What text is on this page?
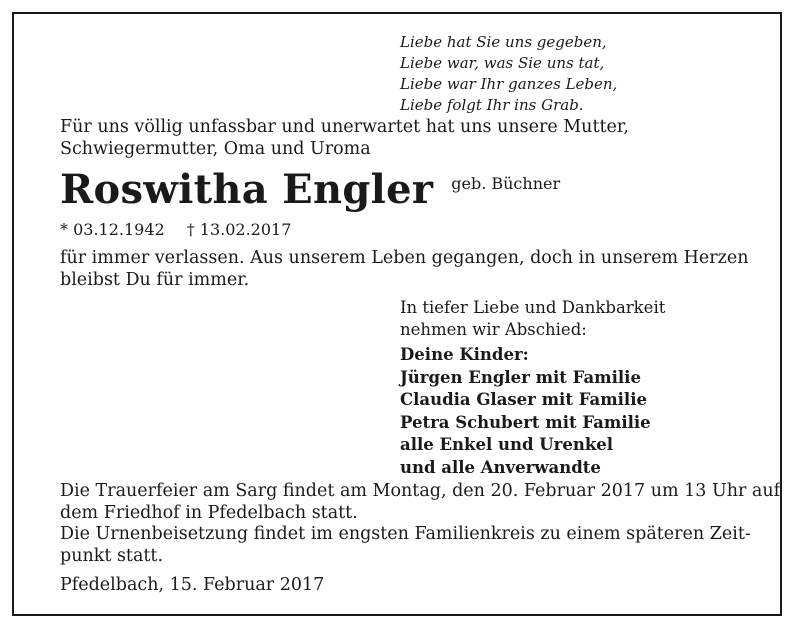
Liebe hat Sie uns gegeben,
Liebe war, was Sie uns tat,
Liebe war Ihr ganzes Leben,
Liebe folgt Ihr ins Grab.
Für uns völlig unfassbar und unerwartet hat uns unsere Mutter,
Schwiegermutter, Oma und Uroma
Roswitha Engler geb. Büchner
* 03.12.1942 † 13.02.2017
für immer verlassen. Aus unserem Leben gegangen, doch in unserem Herzen
bleibst Du für immer.
In tiefer Liebe und Dankbarkeit
nehmen wir Abschied:
Deine Kinder:
Jürgen Engler mit Familie
Claudia Glaser mit Familie
Petra Schubert mit Familie
alle Enkel und Urenkel
und alle Anverwandte
Die Trauerfeier am Sarg findet am Montag, den 20. Februar 2017 um 13 Uhr auf
dem Friedhof in Pfedelbach statt.
Die Urnenbeisetzung findet im engsten Familienkreis zu einem späteren Zeit-
punkt statt.
Pfedelbach, 15. Februar 2017
